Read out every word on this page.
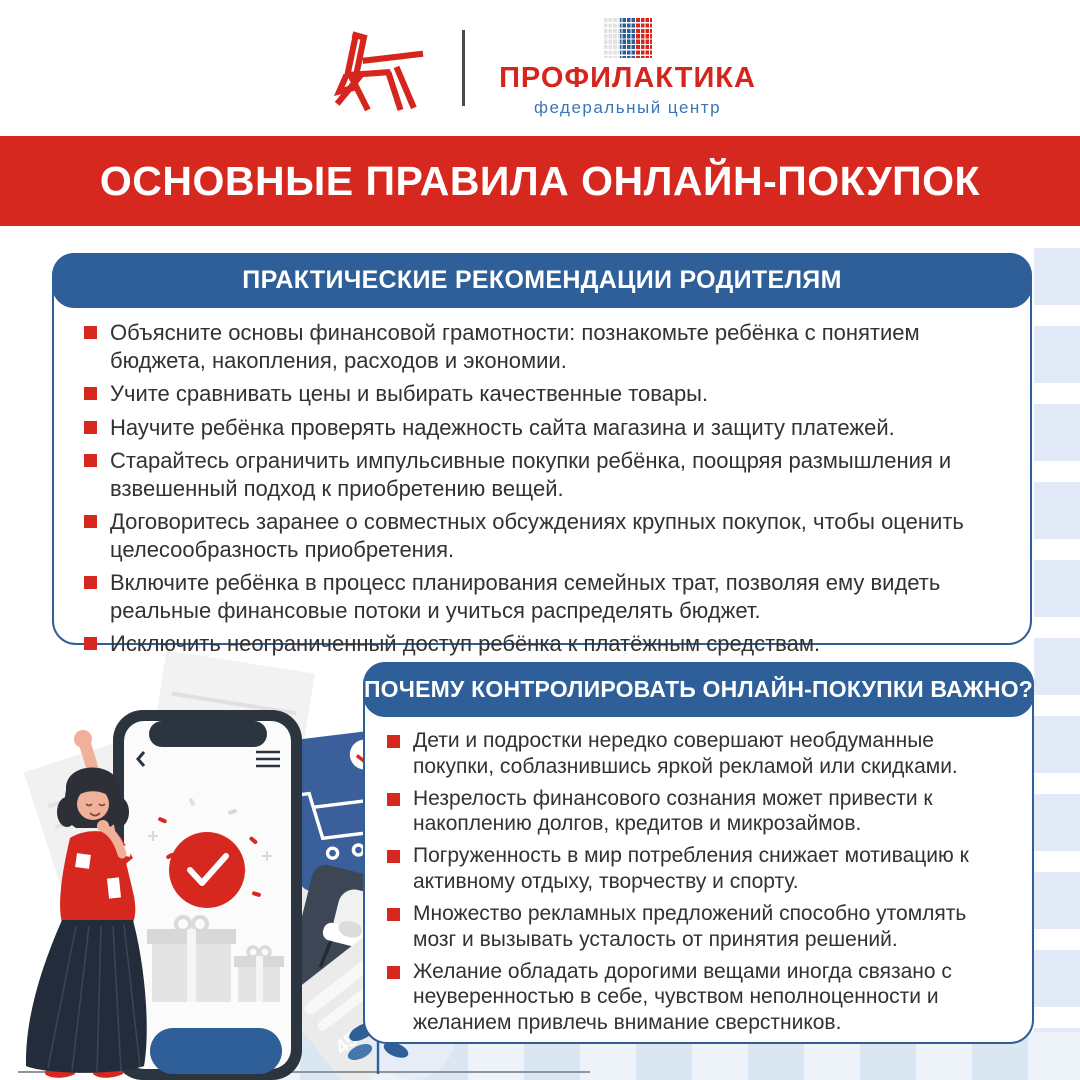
ПРОФИЛАКТИКА
федеральный центр
ОСНОВНЫЕ ПРАВИЛА ОНЛАЙН-ПОКУПОК
ПРАКТИЧЕСКИЕ РЕКОМЕНДАЦИИ РОДИТЕЛЯМ

Объясните основы финансовой грамотности: познакомьте ребёнка с понятием бюджета, накопления, расходов и экономии.

Учите сравнивать цены и выбирать качественные товары.

Научите ребёнка проверять надежность сайта магазина и защиту платежей.

Старайтесь ограничить импульсивные покупки ребёнка, поощряя размышления и взвешенный подход к приобретению вещей.

Договоритесь заранее о совместных обсуждениях крупных покупок, чтобы оценить целесообразность приобретения.

Включите ребёнка в процесс планирования семейных трат, позволяя ему видеть реальные финансовые потоки и учиться распределять бюджет.

Исключить неограниченный доступ ребёнка к платёжным средствам.

ПОЧЕМУ КОНТРОЛИРОВАТЬ ОНЛАЙН-ПОКУПКИ ВАЖНО?

Дети и подростки нередко совершают необдуманные покупки, соблазнившись яркой рекламой или скидками.

Незрелость финансового сознания может привести к накоплению долгов, кредитов и микрозаймов.

Погруженность в мир потребления снижает мотивацию к активному отдыху, творчеству и спорту.

Множество рекламных предложений способно утомлять мозг и вызывать усталость от принятия решений.

Желание обладать дорогими вещами иногда связано с неуверенностью в себе, чувством неполноценности и желанием привлечь внимание сверстников.
